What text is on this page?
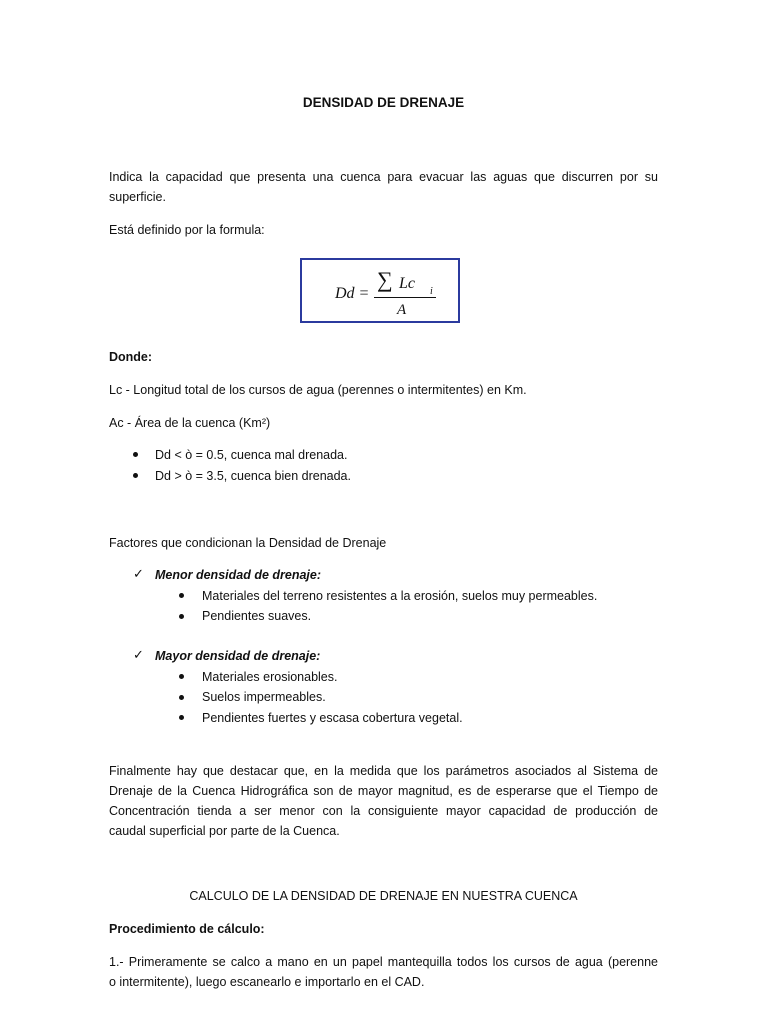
DENSIDAD DE DRENAJE
Indica la capacidad que presenta una cuenca para evacuar las aguas que discurren por su superficie.
Está definido por la formula:
Dd =
∑ Lc i
A
Donde:
Lc - Longitud total de los cursos de agua (perennes o intermitentes) en Km.
Ac - Área de la cuenca (Km²)
Dd < ò = 0.5, cuenca mal drenada.
Dd > ò = 3.5, cuenca bien drenada.
Factores que condicionan la Densidad de Drenaje
✓ Menor densidad de drenaje:
Materiales del terreno resistentes a la erosión, suelos muy permeables.
Pendientes suaves.
✓ Mayor densidad de drenaje:
Materiales erosionables.
Suelos impermeables.
Pendientes fuertes y escasa cobertura vegetal.
Finalmente hay que destacar que, en la medida que los parámetros asociados al Sistema de
Drenaje de la Cuenca Hidrográfica son de mayor magnitud, es de esperarse que el Tiempo de
Concentración tienda a ser menor con la consiguiente mayor capacidad de producción de
caudal superficial por parte de la Cuenca.
CALCULO DE LA DENSIDAD DE DRENAJE EN NUESTRA CUENCA
Procedimiento de cálculo:
1.- Primeramente se calco a mano en un papel mantequilla todos los cursos de agua (perenne
o intermitente), luego escanearlo e importarlo en el CAD.
